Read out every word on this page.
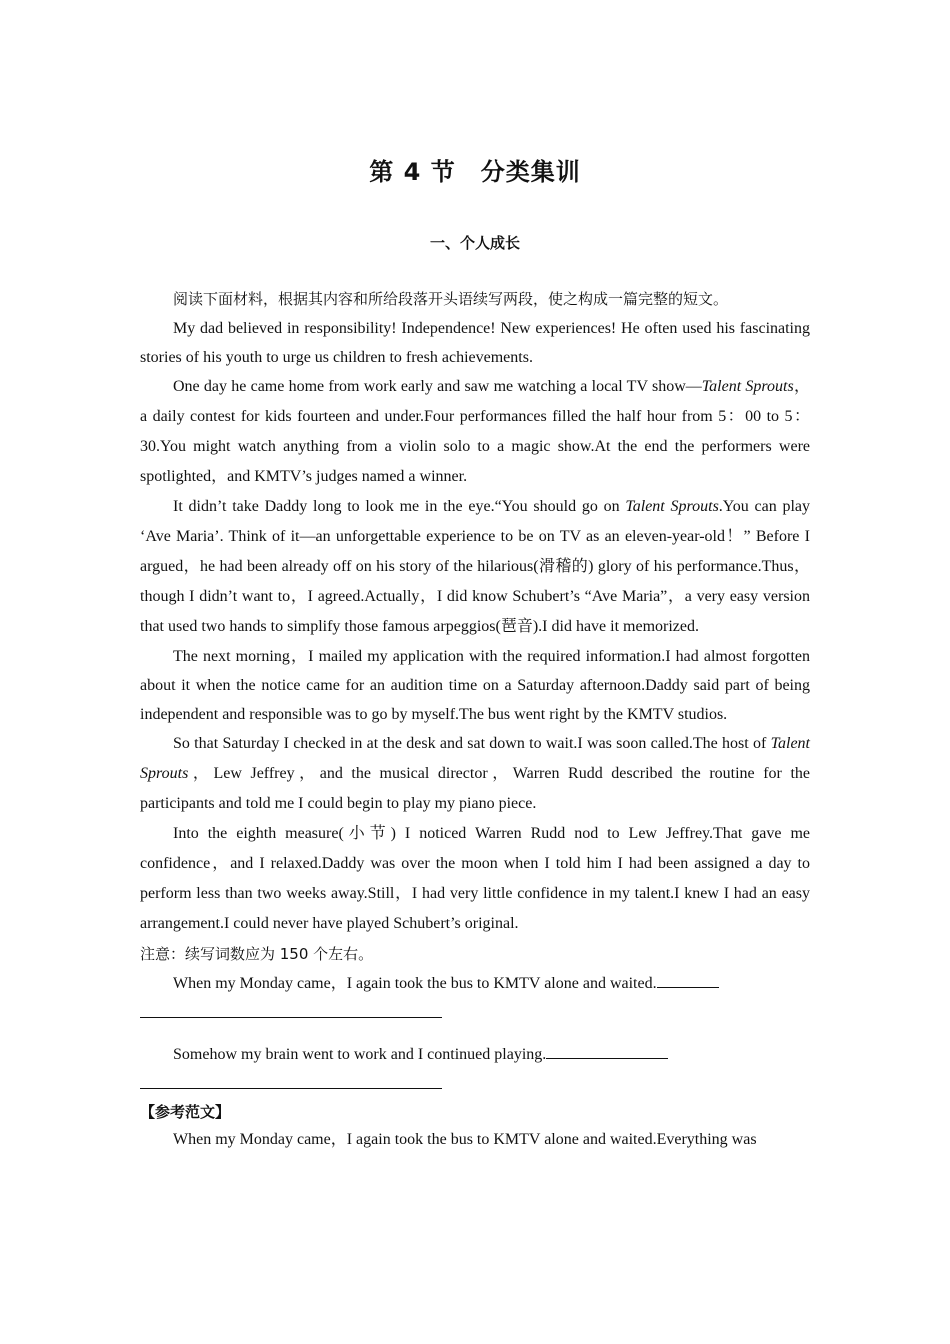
第 4 节　分类集训
一、个人成长

阅读下面材料，根据其内容和所给段落开头语续写两段，使之构成一篇完整的短文。

My dad believed in responsibility! Independence! New experiences! He often used his fascinating stories of his youth to urge us children to fresh achievements.

One day he came home from work early and saw me watching a local TV show—Talent Sprouts，a daily contest for kids fourteen and under.Four performances filled the half hour from 5：00 to 5：30.You might watch anything from a violin solo to a magic show.At the end the performers were spotlighted，and KMTV’s judges named a winner.

It didn’t take Daddy long to look me in the eye.“You should go on Talent Sprouts.You can play ‘Ave Maria’. Think of it—an unforgettable experience to be on TV as an eleven-year-old！” Before I argued，he had been already off on his story of the hilarious(滑稽的) glory of his performance.Thus，though I didn’t want to，I agreed.Actually，I did know Schubert’s “Ave Maria”，a very easy version that used two hands to simplify those famous arpeggios(琶音).I did have it memorized.

The next morning，I mailed my application with the required information.I had almost forgotten about it when the notice came for an audition time on a Saturday afternoon.Daddy said part of being independent and responsible was to go by myself.The bus went right by the KMTV studios.

So that Saturday I checked in at the desk and sat down to wait.I was soon called.The host of Talent Sprouts，Lew Jeffrey，and the musical director，Warren Rudd described the routine for the participants and told me I could begin to play my piano piece.

Into the eighth measure(小节) I noticed Warren Rudd nod to Lew Jeffrey.That gave me confidence，and I relaxed.Daddy was over the moon when I told him I had been assigned a day to perform less than two weeks away.Still，I had very little confidence in my talent.I knew I had an easy arrangement.I could never have played Schubert’s original.

注意：续写词数应为 150 个左右。

When my Monday came，I again took the bus to KMTV alone and waited.

Somehow my brain went to work and I continued playing.

【参考范文】

When my Monday came，I again took the bus to KMTV alone and waited.Everything was
